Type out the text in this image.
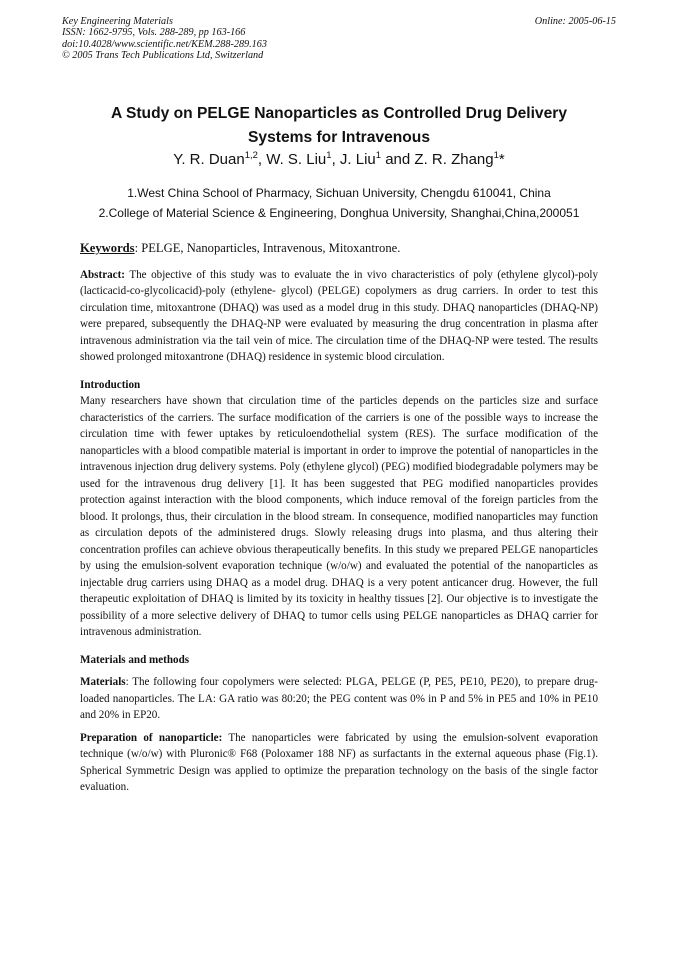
Key Engineering Materials
ISSN: 1662-9795, Vols. 288-289, pp 163-166
doi:10.4028/www.scientific.net/KEM.288-289.163
© 2005 Trans Tech Publications Ltd, Switzerland
Online: 2005-06-15
A Study on PELGE Nanoparticles as Controlled Drug Delivery
Systems for Intravenous
Y. R. Duan$^{1,2}$, W. S. Liu$^1$, J. Liu$^1$ and Z. R. Zhang$^1$*
1.West China School of Pharmacy, Sichuan University, Chengdu 610041, China
2.College of Material Science & Engineering, Donghua University, Shanghai,China,200051

Keywords: PELGE, Nanoparticles, Intravenous, Mitoxantrone.

Abstract: The objective of this study was to evaluate the in vivo characteristics of poly (ethylene glycol)-poly (lacticacid-co-glycolicacid)-poly (ethylene- glycol) (PELGE) copolymers as drug carriers. In order to test this circulation time, mitoxantrone (DHAQ) was used as a model drug in this study. DHAQ nanoparticles (DHAQ-NP) were prepared, subsequently the DHAQ-NP were evaluated by measuring the drug concentration in plasma after intravenous administration via the tail vein of mice. The circulation time of the DHAQ-NP were tested. The results showed prolonged mitoxantrone (DHAQ) residence in systemic blood circulation.

Introduction

Many researchers have shown that circulation time of the particles depends on the particles size and surface characteristics of the carriers. The surface modification of the carriers is one of the possible ways to increase the circulation time with fewer uptakes by reticuloendothelial system (RES). The surface modification of the nanoparticles with a blood compatible material is important in order to improve the potential of nanoparticles in the intravenous injection drug delivery systems. Poly (ethylene glycol) (PEG) modified biodegradable polymers may be used for the intravenous drug delivery [1]. It has been suggested that PEG modified nanoparticles provides protection against interaction with the blood components, which induce removal of the foreign particles from the blood. It prolongs, thus, their circulation in the blood stream. In consequence, modified nanoparticles may function as circulation depots of the administered drugs. Slowly releasing drugs into plasma, and thus altering their concentration profiles can achieve obvious therapeutically benefits. In this study we prepared PELGE nanoparticles by using the emulsion-solvent evaporation technique (w/o/w) and evaluated the potential of the nanoparticles as injectable drug carriers using DHAQ as a model drug. DHAQ is a very potent anticancer drug. However, the full therapeutic exploitation of DHAQ is limited by its toxicity in healthy tissues [2]. Our objective is to investigate the possibility of a more selective delivery of DHAQ to tumor cells using PELGE nanoparticles as DHAQ carrier for intravenous administration.

Materials and methods

Materials: The following four copolymers were selected: PLGA, PELGE (P, PE5, PE10, PE20), to prepare drug-loaded nanoparticles. The LA: GA ratio was 80:20; the PEG content was 0% in P and 5% in PE5 and 10% in PE10 and 20% in EP20.

Preparation of nanoparticle: The nanoparticles were fabricated by using the emulsion-solvent evaporation technique (w/o/w) with Pluronic® F68 (Poloxamer 188 NF) as surfactants in the external aqueous phase (Fig.1). Spherical Symmetric Design was applied to optimize the preparation technology on the basis of the single factor evaluation.
